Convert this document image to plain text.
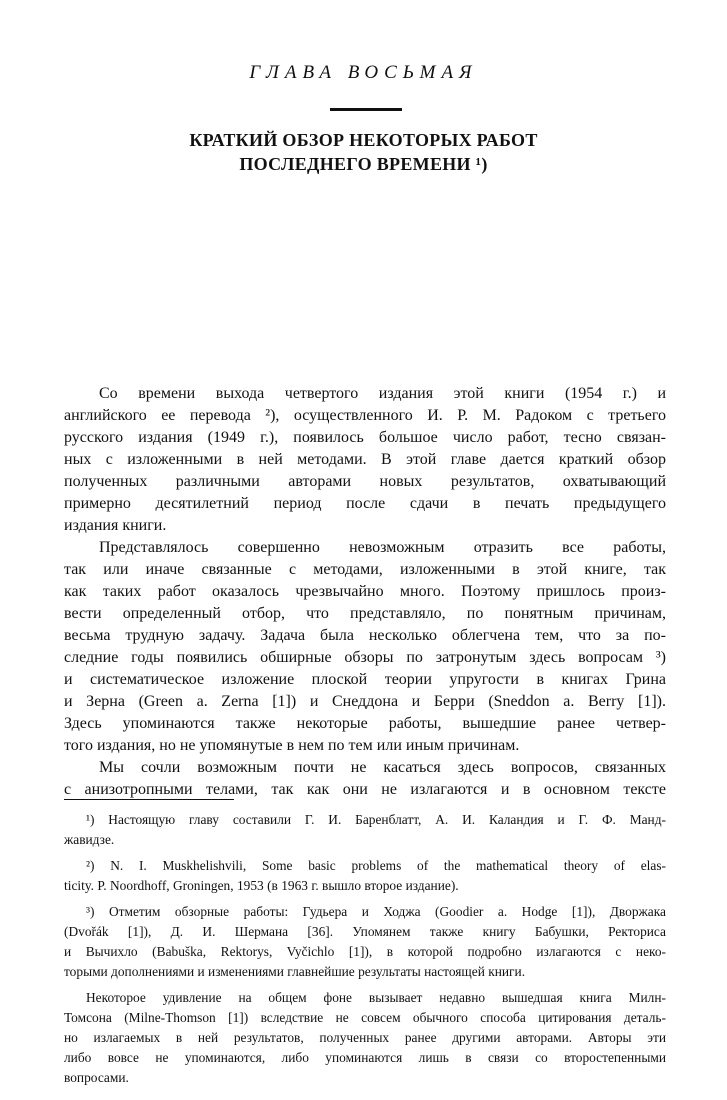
ГЛАВА ВОСЬМАЯ
КРАТКИЙ ОБЗОР НЕКОТОРЫХ РАБОТ
ПОСЛЕДНЕГО ВРЕМЕНИ ¹)

Со времени выхода четвертого издания этой книги (1954 г.) и

английского ее перевода ²), осуществленного И. Р. М. Радоком с третьего

русского издания (1949 г.), появилось большое число работ, тесно связан-

ных с изложенными в ней методами. В этой главе дается краткий обзор

полученных различными авторами новых результатов, охватывающий

примерно десятилетний период после сдачи в печать предыдущего

издания книги.

Представлялось совершенно невозможным отразить все работы,

так или иначе связанные с методами, изложенными в этой книге, так

как таких работ оказалось чрезвычайно много. Поэтому пришлось произ-

вести определенный отбор, что представляло, по понятным причинам,

весьма трудную задачу. Задача была несколько облегчена тем, что за по-

следние годы появились обширные обзоры по затронутым здесь вопросам ³)

и систематическое изложение плоской теории упругости в книгах Грина

и Зерна (Green a. Zerna [1]) и Снеддона и Берри (Sneddon a. Berry [1]).

Здесь упоминаются также некоторые работы, вышедшие ранее четвер-

того издания, но не упомянутые в нем по тем или иным причинам.

Мы сочли возможным почти не касаться здесь вопросов, связанных

с анизотропными телами, так как они не излагаются и в основном тексте

¹) Настоящую главу составили Г. И. Баренблатт, А. И. Каландия и Г. Ф. Манд-

жавидзе.

²) N. I. Muskhelishvili, Some basic problems of the mathematical theory of elas-

ticity. P. Noordhoff, Groningen, 1953 (в 1963 г. вышло второе издание).

³) Отметим обзорные работы: Гудьера и Ходжа (Goodier a. Hodge [1]), Дворжака

(Dvořák [1]), Д. И. Шермана [36]. Упомянем также книгу Бабушки, Ректориса

и Вычихло (Babuška, Rektorys, Vyčichlo [1]), в которой подробно излагаются с неко-

торыми дополнениями и изменениями главнейшие результаты настоящей книги.

Некоторое удивление на общем фоне вызывает недавно вышедшая книга Милн-

Томсона (Milne-Thomson [1]) вследствие не совсем обычного способа цитирования деталь-

но излагаемых в ней результатов, полученных ранее другими авторами. Авторы эти

либо вовсе не упоминаются, либо упоминаются лишь в связи со второстепенными

вопросами.
